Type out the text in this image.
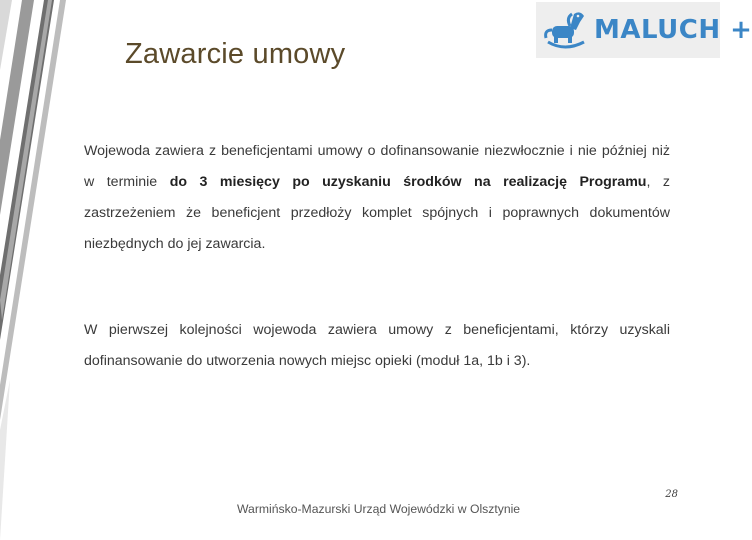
Zawarcie umowy
MALUCH +
Wojewoda zawiera z beneficjentami umowy o dofinansowanie niezwłocznie i nie później niż w terminie do 3 miesięcy po uzyskaniu środków na realizację Programu, z zastrzeżeniem że beneficjent przedłoży komplet spójnych i poprawnych dokumentów niezbędnych do jej zawarcia.
W pierwszej kolejności wojewoda zawiera umowy z beneficjentami, którzy uzyskali dofinansowanie do utworzenia nowych miejsc opieki (moduł 1a, 1b i 3).
Warmińsko-Mazurski Urząd Wojewódzki w Olsztynie
28
